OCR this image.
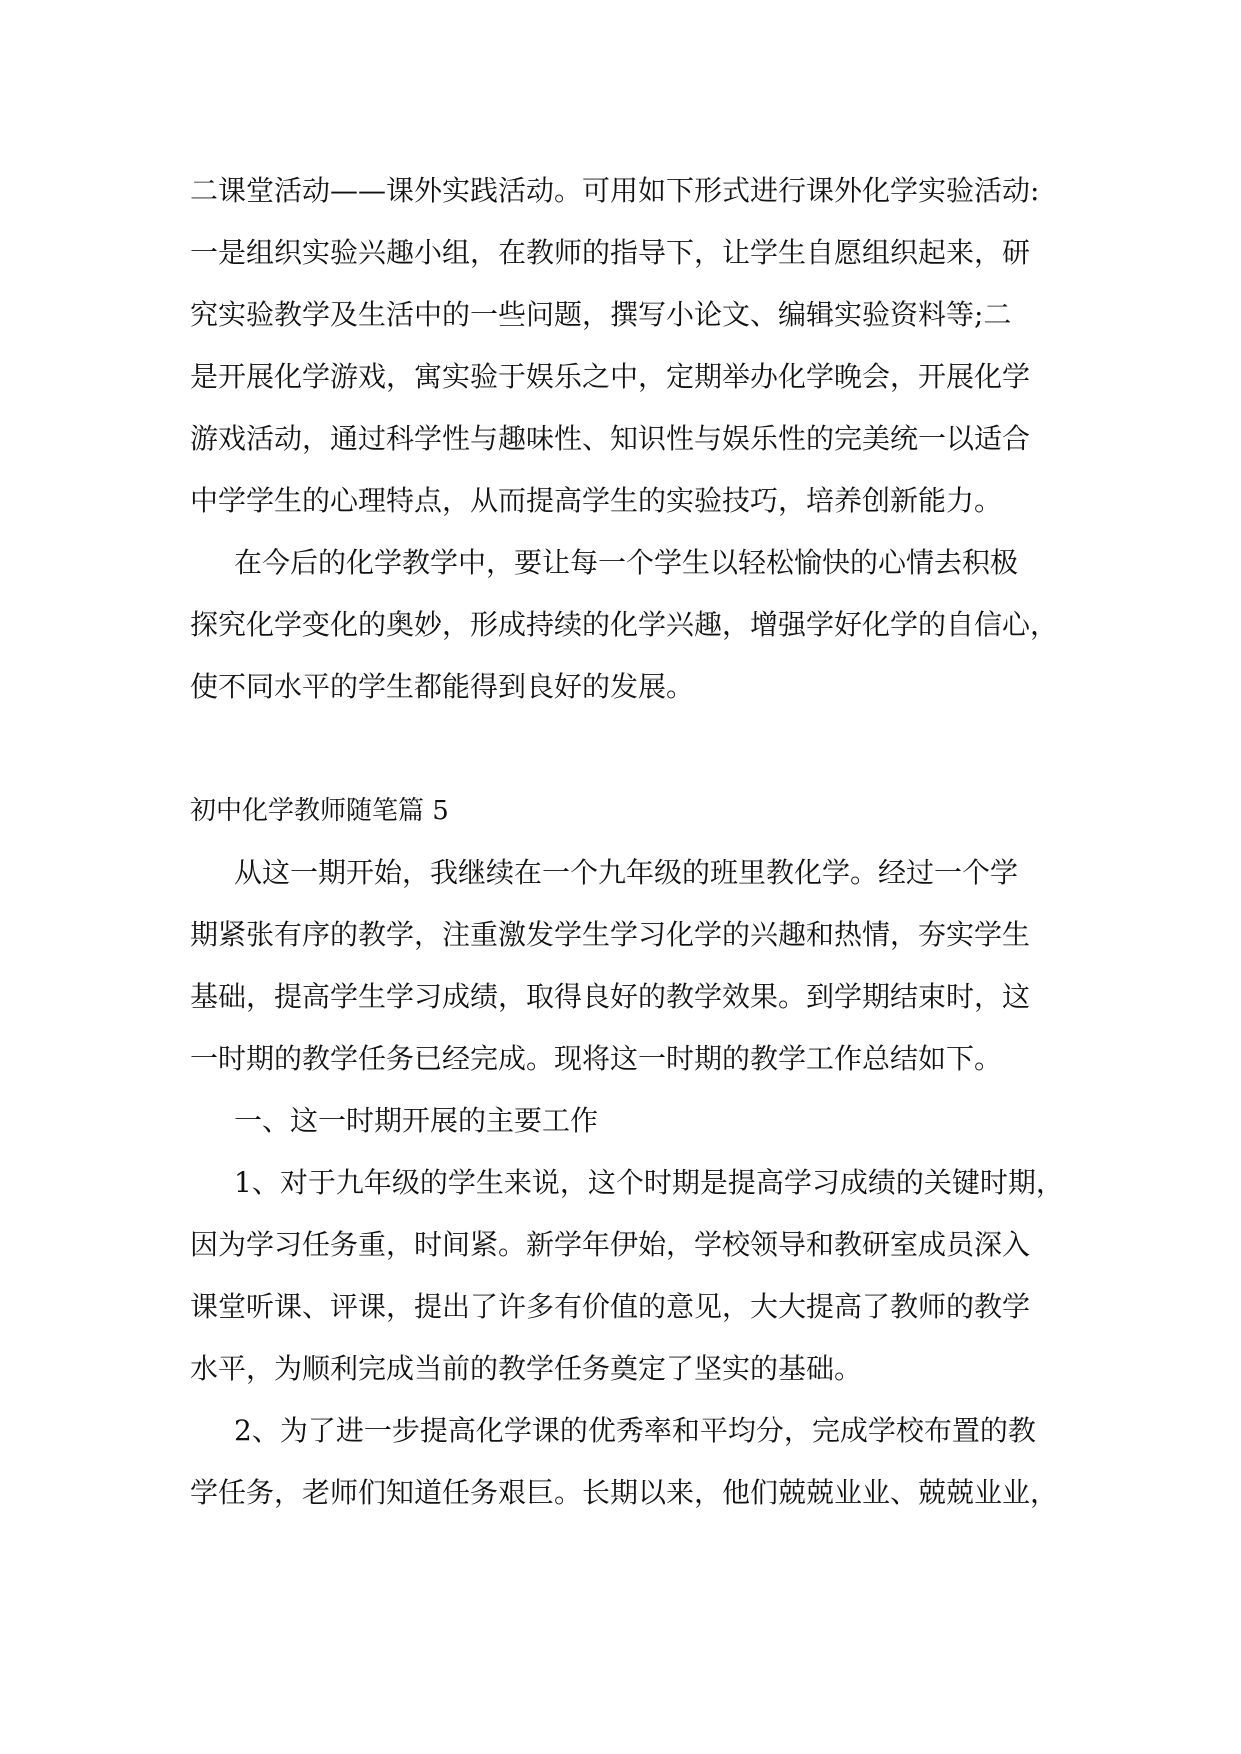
二课堂活动——课外实践活动。可用如下形式进行课外化学实验活动:
一是组织实验兴趣小组，在教师的指导下，让学生自愿组织起来，研
究实验教学及生活中的一些问题，撰写小论文、编辑实验资料等;二
是开展化学游戏，寓实验于娱乐之中，定期举办化学晚会，开展化学
游戏活动，通过科学性与趣味性、知识性与娱乐性的完美统一以适合
中学学生的心理特点，从而提高学生的实验技巧，培养创新能力。
在今后的化学教学中，要让每一个学生以轻松愉快的心情去积极
探究化学变化的奥妙，形成持续的化学兴趣，增强学好化学的自信心，
使不同水平的学生都能得到良好的发展。
初中化学教师随笔篇 5
从这一期开始，我继续在一个九年级的班里教化学。经过一个学
期紧张有序的教学，注重激发学生学习化学的兴趣和热情，夯实学生
基础，提高学生学习成绩，取得良好的教学效果。到学期结束时，这
一时期的教学任务已经完成。现将这一时期的教学工作总结如下。
一、这一时期开展的主要工作
1、对于九年级的学生来说，这个时期是提高学习成绩的关键时期，
因为学习任务重，时间紧。新学年伊始，学校领导和教研室成员深入
课堂听课、评课，提出了许多有价值的意见，大大提高了教师的教学
水平，为顺利完成当前的教学任务奠定了坚实的基础。
2、为了进一步提高化学课的优秀率和平均分，完成学校布置的教
学任务，老师们知道任务艰巨。长期以来，他们兢兢业业、兢兢业业，
